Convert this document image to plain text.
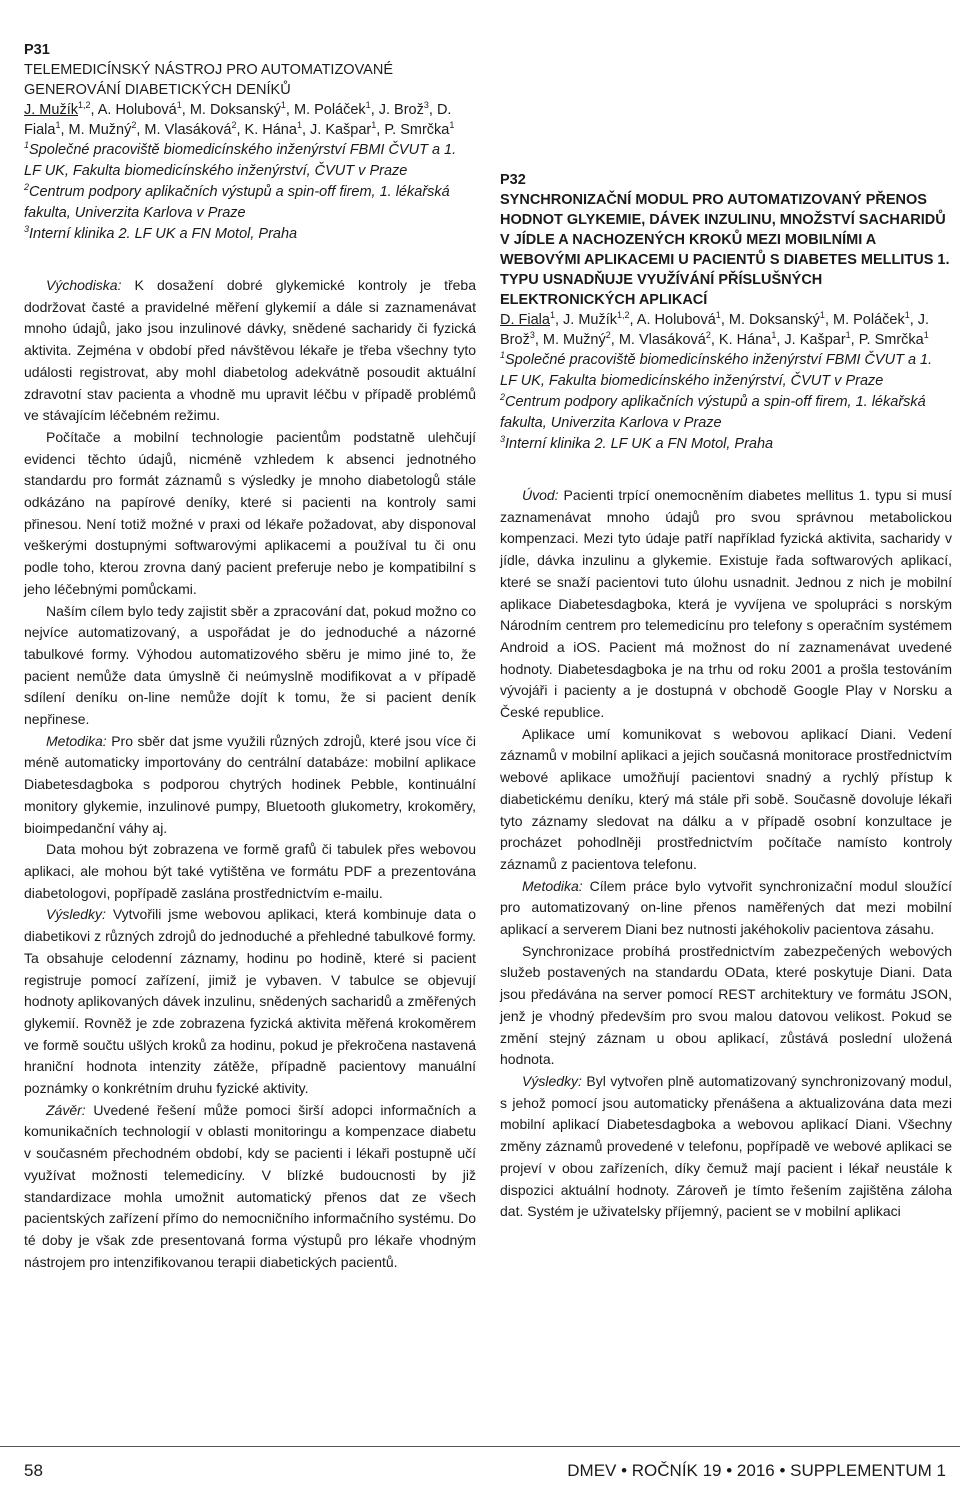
P31

TELEMEDICÍNSKÝ NÁSTROJ PRO AUTOMATIZOVANÉ GENEROVÁNÍ DIABETICKÝCH DENÍKŮ

J. Mužík$^{1,2}$, A. Holubová$^1$, M. Doksanský$^1$, M. Poláček$^1$, J. Brož$^3$, D. Fiala$^1$, M. Mužný$^2$, M. Vlasáková$^2$, K. Hána$^1$, J. Kašpar$^1$, P. Smrčka$^1$

$^1$Společné pracoviště biomedicínského inženýrství FBMI ČVUT a 1. LF UK, Fakulta biomedicínského inženýrství, ČVUT v Praze

$^2$Centrum podpory aplikačních výstupů a spin-off firem, 1. lékařská fakulta, Univerzita Karlova v Praze

$^3$Interní klinika 2. LF UK a FN Motol, Praha

Východiska: K dosažení dobré glykemické kontroly je třeba dodržovat časté a pravidelné měření glykemií a dále si zaznamenávat mnoho údajů, jako jsou inzulinové dávky, snědené sacharidy či fyzická aktivita. Zejména v období před návštěvou lékaře je třeba všechny tyto události registrovat, aby mohl diabetolog adekvátně posoudit aktuální zdravotní stav pacienta a vhodně mu upravit léčbu v případě problémů ve stávajícím léčebném režimu.

Počítače a mobilní technologie pacientům podstatně ulehčují evidenci těchto údajů, nicméně vzhledem k absenci jednotného standardu pro formát záznamů s výsledky je mnoho diabetologů stále odkázáno na papírové deníky, které si pacienti na kontroly sami přinesou. Není totiž možné v praxi od lékaře požadovat, aby disponoval veškerými dostupnými softwarovými aplikacemi a používal tu či onu podle toho, kterou zrovna daný pacient preferuje nebo je kompatibilní s jeho léčebnými pomůckami.

Naším cílem bylo tedy zajistit sběr a zpracování dat, pokud možno co nejvíce automatizovaný, a uspořádat je do jednoduché a názorné tabulkové formy. Výhodou automatizového sběru je mimo jiné to, že pacient nemůže data úmyslně či neúmyslně modifikovat a v případě sdílení deníku on-line nemůže dojít k tomu, že si pacient deník nepřinese.

Metodika: Pro sběr dat jsme využili různých zdrojů, které jsou více či méně automaticky importovány do centrální databáze: mobilní aplikace Diabetesdagboka s podporou chytrých hodinek Pebble, kontinuální monitory glykemie, inzulinové pumpy, Bluetooth glukometry, krokoměry, bioimpedanční váhy aj.

Data mohou být zobrazena ve formě grafů či tabulek přes webovou aplikaci, ale mohou být také vytištěna ve formátu PDF a prezentována diabetologovi, popřípadě zaslána prostřednictvím e-mailu.

Výsledky: Vytvořili jsme webovou aplikaci, která kombinuje data o diabetikovi z různých zdrojů do jednoduché a přehledné tabulkové formy. Ta obsahuje celodenní záznamy, hodinu po hodině, které si pacient registruje pomocí zařízení, jimiž je vybaven. V tabulce se objevují hodnoty aplikovaných dávek inzulinu, snědených sacharidů a změřených glykemií. Rovněž je zde zobrazena fyzická aktivita měřená krokoměrem ve formě součtu ušlých kroků za hodinu, pokud je překročena nastavená hraniční hodnota intenzity zátěže, případně pacientovy manuální poznámky o konkrétním druhu fyzické aktivity.

Závěr: Uvedené řešení může pomoci širší adopci informačních a komunikačních technologií v oblasti monitoringu a kompenzace diabetu v současném přechodném období, kdy se pacienti i lékaři postupně učí využívat možnosti telemedicíny. V blízké budoucnosti by již standardizace mohla umožnit automatický přenos dat ze všech pacientských zařízení přímo do nemocničního informačního systému. Do té doby je však zde presentovaná forma výstupů pro lékaře vhodným nástrojem pro intenzifikovanou terapii diabetických pacientů.

P32

SYNCHRONIZAČNÍ MODUL PRO AUTOMATIZOVANÝ PŘENOS HODNOT GLYKEMIE, DÁVEK INZULINU, MNOŽSTVÍ SACHARIDŮ V JÍDLE A NACHOZENÝCH KROKŮ MEZI MOBILNÍMI A WEBOVÝMI APLIKACEMI U PACIENTŮ S DIABETES MELLITUS 1. TYPU USNADŇUJE VYUŽÍVÁNÍ PŘÍSLUŠNÝCH ELEKTRONICKÝCH APLIKACÍ

D. Fiala$^1$, J. Mužík$^{1,2}$, A. Holubová$^1$, M. Doksanský$^1$, M. Poláček$^1$, J. Brož$^3$, M. Mužný$^2$, M. Vlasáková$^2$, K. Hána$^1$, J. Kašpar$^1$, P. Smrčka$^1$

$^1$Společné pracoviště biomedicínského inženýrství FBMI ČVUT a 1. LF UK, Fakulta biomedicínského inženýrství, ČVUT v Praze

$^2$Centrum podpory aplikačních výstupů a spin-off firem, 1. lékařská fakulta, Univerzita Karlova v Praze

$^3$Interní klinika 2. LF UK a FN Motol, Praha

Úvod: Pacienti trpící onemocněním diabetes mellitus 1. typu si musí zaznamenávat mnoho údajů pro svou správnou metabolickou kompenzaci. Mezi tyto údaje patří například fyzická aktivita, sacharidy v jídle, dávka inzulinu a glykemie. Existuje řada softwarových aplikací, které se snaží pacientovi tuto úlohu usnadnit. Jednou z nich je mobilní aplikace Diabetesdagboka, která je vyvíjena ve spolupráci s norským Národním centrem pro telemedicínu pro telefony s operačním systémem Android a iOS. Pacient má možnost do ní zaznamenávat uvedené hodnoty. Diabetesdagboka je na trhu od roku 2001 a prošla testováním vývojáři i pacienty a je dostupná v obchodě Google Play v Norsku a České republice.

Aplikace umí komunikovat s webovou aplikací Diani. Vedení záznamů v mobilní aplikaci a jejich současná monitorace prostřednictvím webové aplikace umožňují pacientovi snadný a rychlý přístup k diabetickému deníku, který má stále při sobě. Současně dovoluje lékaři tyto záznamy sledovat na dálku a v případě osobní konzultace je procházet pohodlněji prostřednictvím počítače namísto kontroly záznamů z pacientova telefonu.

Metodika: Cílem práce bylo vytvořit synchronizační modul sloužící pro automatizovaný on-line přenos naměřených dat mezi mobilní aplikací a serverem Diani bez nutnosti jakéhokoliv pacientova zásahu.

Synchronizace probíhá prostřednictvím zabezpečených webových služeb postavených na standardu OData, které poskytuje Diani. Data jsou předávána na server pomocí REST architektury ve formátu JSON, jenž je vhodný především pro svou malou datovou velikost. Pokud se změní stejný záznam u obou aplikací, zůstává poslední uložená hodnota.

Výsledky: Byl vytvořen plně automatizovaný synchronizovaný modul, s jehož pomocí jsou automaticky přenášena a aktualizována data mezi mobilní aplikací Diabetesdagboka a webovou aplikací Diani. Všechny změny záznamů provedené v telefonu, popřípadě ve webové aplikaci se projeví v obou zařízeních, díky čemuž mají pacient i lékař neustále k dispozici aktuální hodnoty. Zároveň je tímto řešením zajištěna záloha dat. Systém je uživatelsky příjemný, pacient se v mobilní aplikaci

58	DMEV • ROČNÍK 19 • 2016 • SUPPLEMENTUM 1
